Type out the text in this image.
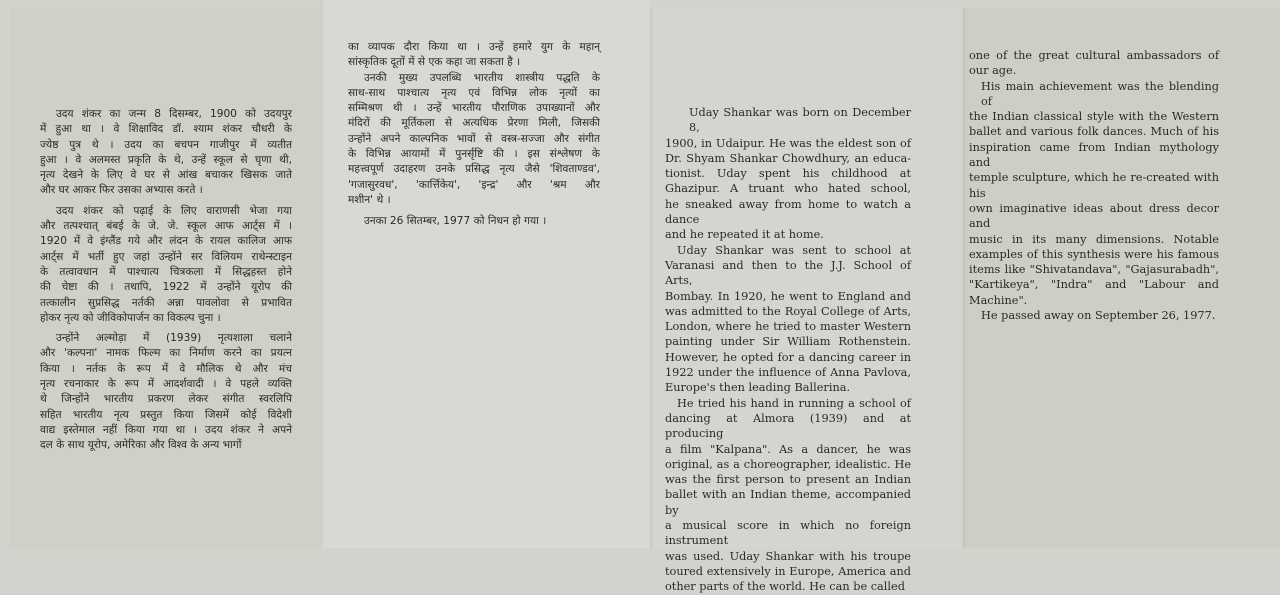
उदय शंकर का जन्म 8 दिसम्बर, 1900 को उदयपुर
में हुआ था । वे शिक्षाविद डॉ. श्याम शंकर चौधरी के
ज्येष्ठ पुत्र थे । उदय का बचपन गाजीपुर में व्यतीत
हुआ । वे अलमस्त प्रकृति के थे, उन्हें स्कूल से घृणा थी,
नृत्य देखने के लिए वे घर से आंख बचाकर खिसक जाते
और घर आकर फिर उसका अभ्यास करते ।

उदय शंकर को पढ़ाई के लिए वाराणसी भेजा गया
और तत्पश्चात् बंबई के जे. जे. स्कूल आफ आर्ट्स में ।
1920 में वे इंग्लैंड गये और लंदन के रायल कालिज आफ
आर्ट्स में भर्ती हुए जहां उन्होंने सर विलियम राथेन्स्टाइन
के तत्वावधान में पाश्चात्य चित्रकला में सिद्धहस्त होने
की चेष्टा की । तथापि, 1922 में उन्होंने यूरोप की
तत्कालीन सुप्रसिद्ध नर्तकी अन्ना पावलोवा से प्रभावित
होकर नृत्य को जीविकोपार्जन का विकल्प चुना ।

उन्होंने अल्मोड़ा में (1939) नृत्यशाला चलाने
और 'कल्पना' नामक फिल्म का निर्माण करने का प्रयत्न
किया । नर्तक के रूप में वे मौलिक थे और मंच
नृत्य रचनाकार के रूप में आदर्शवादी । वे पहले व्यक्ति
थे जिन्होंने भारतीय प्रकरण लेकर संगीत स्वरलिपि
सहित भारतीय नृत्य प्रस्तुत किया जिसमें कोई विदेशी
वाद्य इस्तेमाल नहीं किया गया था । उदय शंकर ने अपने
दल के साथ यूरोप, अमेरिका और विश्व के अन्य भागों

का व्यापक दौरा किया था । उन्हें हमारे युग के महान्
सांस्कृतिक दूतों में से एक कहा जा सकता है ।

उनकी मुख्य उपलब्धि भारतीय शास्त्रीय पद्धति के
साथ-साथ पाश्चात्य नृत्य एवं विभिन्न लोक नृत्यों का
सम्मिश्रण थी । उन्हें भारतीय पौराणिक उपाख्यानों और
मंदिरों की मूर्तिकला से अत्यधिक प्रेरणा मिली, जिसकी
उन्होंने अपने काल्पनिक भावों से वस्त्र-सज्जा और संगीत
के विभिन्न आयामों में पुनर्सृष्टि की । इस संश्लेषण के
महत्त्वपूर्ण उदाहरण उनके प्रसिद्ध नृत्य जैसे 'शिवताण्डव',
'गजासुरवध', 'कार्त्तिकेय', 'इन्द्र' और 'श्रम और
मशीन' थे ।

उनका 26 सितम्बर, 1977 को निधन हो गया ।

Uday Shankar was born on December 8,
1900, in Udaipur. He was the eldest son of
Dr. Shyam Shankar Chowdhury, an educa-
tionist. Uday spent his childhood at
Ghazipur. A truant who hated school,
he sneaked away from home to watch a dance
and he repeated it at home.

Uday Shankar was sent to school at
Varanasi and then to the J.J. School of Arts,
Bombay. In 1920, he went to England and
was admitted to the Royal College of Arts,
London, where he tried to master Western
painting under Sir William Rothenstein.
However, he opted for a dancing career in
1922 under the influence of Anna Pavlova,
Europe's then leading Ballerina.

He tried his hand in running a school of
dancing at Almora (1939) and at producing
a film "Kalpana". As a dancer, he was
original, as a choreographer, idealistic. He
was the first person to present an Indian
ballet with an Indian theme, accompanied by
a musical score in which no foreign instrument
was used. Uday Shankar with his troupe
toured extensively in Europe, America and
other parts of the world. He can be called

one of the great cultural ambassadors of
our age.

His main achievement was the blending of
the Indian classical style with the Western
ballet and various folk dances. Much of his
inspiration came from Indian mythology and
temple sculpture, which he re-created with his
own imaginative ideas about dress decor and
music in its many dimensions. Notable
examples of this synthesis were his famous
items like "Shivatandava", "Gajasurabadh",
"Kartikeya", "Indra" and "Labour and
Machine".

He passed away on September 26, 1977.
